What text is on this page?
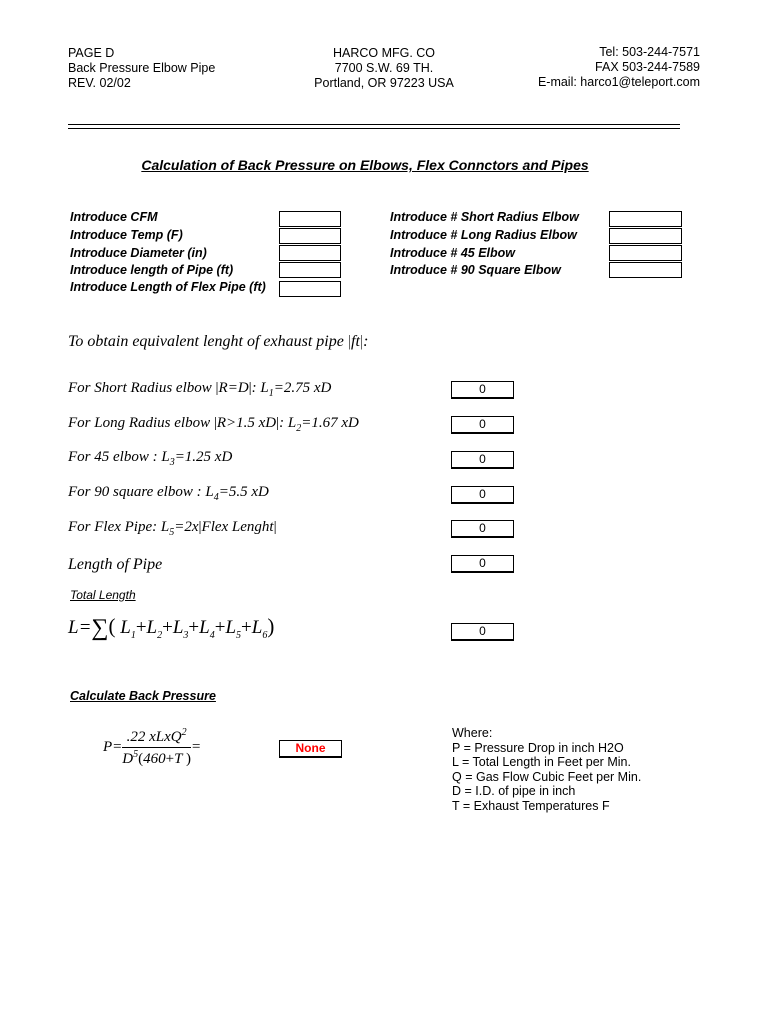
PAGE D
Back Pressure Elbow Pipe
REV. 02/02
HARCO MFG. CO
7700 S.W. 69 TH.
Portland, OR 97223 USA
Tel: 503-244-7571
FAX 503-244-7589
E-mail: harco1@teleport.com
Calculation of Back Pressure on Elbows, Flex Connctors and Pipes
Introduce CFM
Introduce Temp (F)
Introduce Diameter (in)
Introduce length of Pipe (ft)
Introduce Length of Flex Pipe (ft)
Introduce # Short Radius Elbow
Introduce # Long Radius Elbow
Introduce # 45 Elbow
Introduce # 90 Square Elbow
To obtain equivalent lenght of exhaust pipe |ft|:
For Short Radius elbow |R=D|: $L_1=2.75$ xD	0
For Long Radius elbow |R>1.5 xD|: $L_2=1.67$ xD	0
For 45 elbow : $L_3=1.25$ xD	0
For 90 square elbow : $L_4=5.5$ xD	0
For Flex Pipe: $L_5=2x|Flex$ Lenght|	0
Length of Pipe	0
Total Length
L=∑( $L_1+L_2+L_3+L_4+L_5+L_6$)	0
Calculate Back Pressure
$P= \frac{.22 xLxQ^2}{D^5(460+T )}$ =	None
Where:
P = Pressure Drop in inch H2O
L = Total Length in Feet per Min.
Q = Gas Flow Cubic Feet per Min.
D = I.D. of pipe in inch
T = Exhaust Temperatures F
